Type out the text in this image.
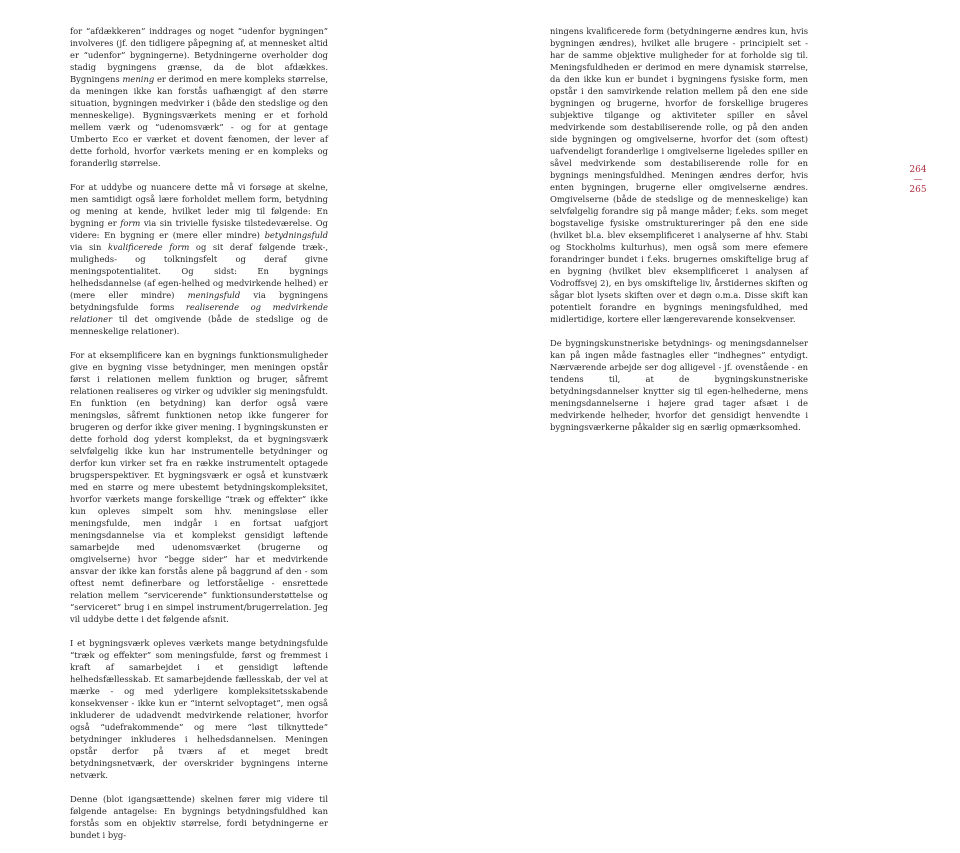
for “afdækkeren” inddrages og noget “udenfor bygningen” involveres (jf. den tidligere påpegning af, at mennesket altid er “udenfor” bygningerne). Betydningerne overholder dog stadig bygningens grænse, da de blot afdækkes. Bygningens mening er derimod en mere kompleks størrelse, da meningen ikke kan forstås uafhængigt af den større situation, bygningen medvirker i (både den stedslige og den menneskelige). Bygningsværkets mening er et forhold mellem værk og “udenomsværk” - og for at gentage Umberto Eco er værket et dovent fænomen, der lever af dette forhold, hvorfor værkets mening er en kompleks og foranderlig størrelse.

For at uddybe og nuancere dette må vi forsøge at skelne, men samtidigt også lære forholdet mellem form, betydning og mening at kende, hvilket leder mig til følgende: En bygning er form via sin trivielle fysiske tilstedeværelse. Og videre: En bygning er (mere eller mindre) betydningsfuld via sin kvalificerede form og sit deraf følgende træk-, muligheds- og tolkningsfelt og deraf givne meningspotentialitet. Og sidst: En bygnings helhedsdannelse (af egen-helhed og medvirkende helhed) er (mere eller mindre) meningsfuld via bygningens betydningsfulde forms realiserende og medvirkende relationer til det omgivende (både de stedslige og de menneskelige relationer).

For at eksemplificere kan en bygnings funktionsmuligheder give en bygning visse betydninger, men meningen opstår først i relationen mellem funktion og bruger, såfremt relationen realiseres og virker og udvikler sig meningsfuldt. En funktion (en betydning) kan derfor også være meningsløs, såfremt funktionen netop ikke fungerer for brugeren og derfor ikke giver mening. I bygningskunsten er dette forhold dog yderst komplekst, da et bygningsværk selvfølgelig ikke kun har instrumentelle betydninger og derfor kun virker set fra en række instrumentelt optagede brugsperspektiver. Et bygningsværk er også et kunstværk med en større og mere ubestemt betydningskompleksitet, hvorfor værkets mange forskellige “træk og effekter” ikke kun opleves simpelt som hhv. meningsløse eller meningsfulde, men indgår i en fortsat uafgjort meningsdannelse via et komplekst gensidigt løftende samarbejde med udenomsværket (brugerne og omgivelserne) hvor “begge sider” har et medvirkende ansvar der ikke kan forstås alene på baggrund af den - som oftest nemt definerbare og letforståelige - ensrettede relation mellem “servicerende” funktionsunderstøttelse og “serviceret” brug i en simpel instrument/brugerrelation. Jeg vil uddybe dette i det følgende afsnit.

I et bygningsværk opleves værkets mange betydningsfulde “træk og effekter” som meningsfulde, først og fremmest i kraft af samarbejdet i et gensidigt løftende helhedsfællesskab. Et samarbejdende fællesskab, der vel at mærke - og med yderligere kompleksitetsskabende konsekvenser - ikke kun er “internt selvoptaget”, men også inkluderer de udadvendt medvirkende relationer, hvorfor også “udefrakommende” og mere “løst tilknyttede” betydninger inkluderes i helhedsdannelsen. Meningen opstår derfor på tværs af et meget bredt betydningsnetværk, der overskrider bygningens interne netværk.

Denne (blot igangsættende) skelnen fører mig videre til følgende antagelse: En bygnings betydningsfuldhed kan forstås som en objektiv størrelse, fordi betydningerne er bundet i byg-

ningens kvalificerede form (betydningerne ændres kun, hvis bygningen ændres), hvilket alle brugere - principielt set - har de samme objektive muligheder for at forholde sig til. Meningsfuldheden er derimod en mere dynamisk størrelse, da den ikke kun er bundet i bygningens fysiske form, men opstår i den samvirkende relation mellem på den ene side bygningen og brugerne, hvorfor de forskellige brugeres subjektive tilgange og aktiviteter spiller en såvel medvirkende som destabiliserende rolle, og på den anden side bygningen og omgivelserne, hvorfor det (som oftest) uafvendeligt foranderlige i omgivelserne ligeledes spiller en såvel medvirkende som destabiliserende rolle for en bygnings meningsfuldhed. Meningen ændres derfor, hvis enten bygningen, brugerne eller omgivelserne ændres. Omgivelserne (både de stedslige og de menneskelige) kan selvfølgelig forandre sig på mange måder; f.eks. som meget bogstavelige fysiske omstruktureringer på den ene side (hvilket bl.a. blev eksemplificeret i analyserne af hhv. Stabi og Stockholms kulturhus), men også som mere efemere forandringer bundet i f.eks. brugernes omskiftelige brug af en bygning (hvilket blev eksemplificeret i analysen af Vodroffsvej 2), en bys omskiftelige liv, årstidernes skiften og sågar blot lysets skiften over et døgn o.m.a. Disse skift kan potentielt forandre en bygnings meningsfuldhed, med midlertidige, kortere eller længerevarende konsekvenser.

De bygningskunstneriske betydnings- og meningsdannelser kan på ingen måde fastnagles eller “indhegnes” entydigt. Nærværende arbejde ser dog alligevel - jf. ovenstående - en tendens til, at de bygningskunstneriske betydningsdannelser knytter sig til egen-helhederne, mens meningsdannelserne i højere grad tager afsæt i de medvirkende helheder, hvorfor det gensidigt henvendte i bygningsværkerne påkalder sig en særlig opmærksomhed.

264
—
265
